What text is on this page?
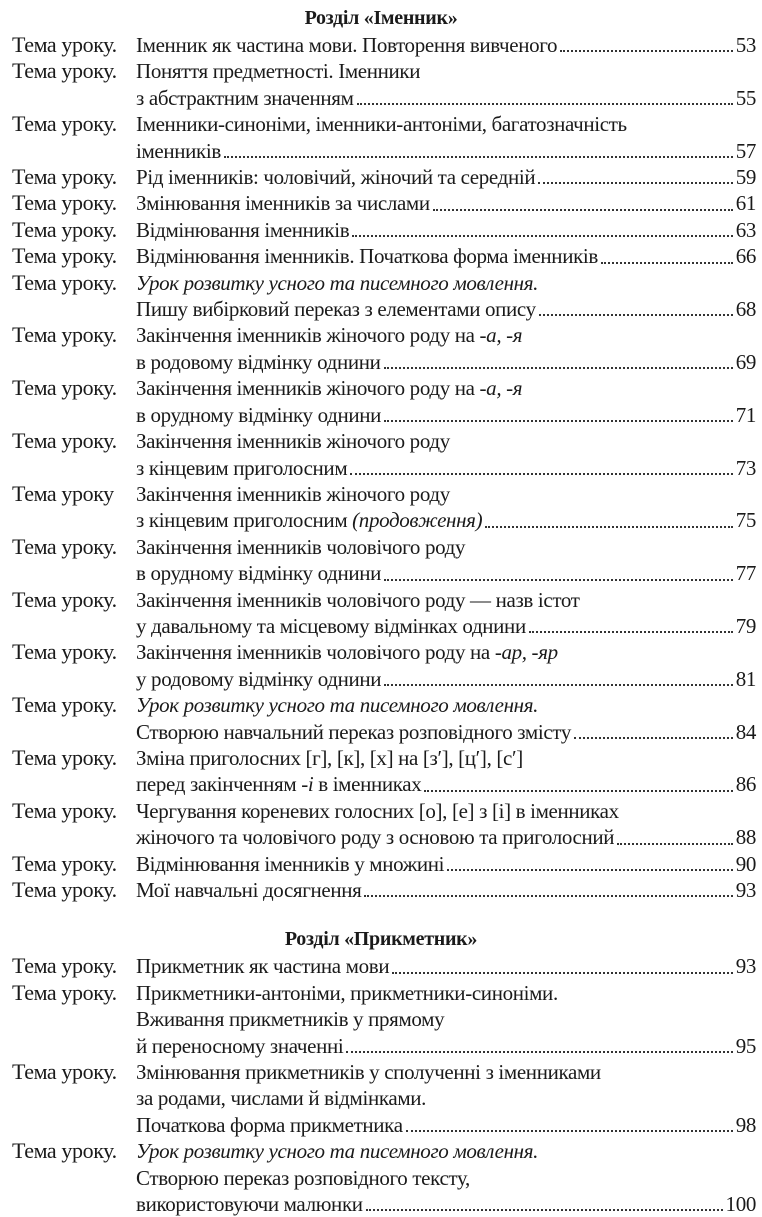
Розділ «Іменник»
Тема уроку. Іменник як частина мови. Повторення вивченого	53
Тема уроку. Поняття предметності. Іменники
з абстрактним значенням	55
Тема уроку. Іменники-синоніми, іменники-антоніми, багатозначність
іменників	57
Тема уроку. Рід іменників: чоловічий, жіночий та середній	59
Тема уроку. Змінювання іменників за числами	61
Тема уроку. Відмінювання іменників	63
Тема уроку. Відмінювання іменників. Початкова форма іменників	66
Тема уроку. Урок розвитку усного та писемного мовлення.
Пишу вибірковий переказ з елементами опису	68
Тема уроку. Закінчення іменників жіночого роду на -а, -я
в родовому відмінку однини	69
Тема уроку. Закінчення іменників жіночого роду на -а, -я
в орудному відмінку однини	71
Тема уроку. Закінчення іменників жіночого роду
з кінцевим приголосним	73
Тема уроку	Закінчення іменників жіночого роду
з кінцевим приголосним (продовження)	75
Тема уроку. Закінчення іменників чоловічого роду
в орудному відмінку однини	77
Тема уроку. Закінчення іменників чоловічого роду — назв істот
у давальному та місцевому відмінках однини	79
Тема уроку. Закінчення іменників чоловічого роду на -ар, -яр
у родовому відмінку однини	81
Тема уроку. Урок розвитку усного та писемного мовлення.
Створюю навчальний переказ розповідного змісту	84
Тема уроку. Зміна приголосних [г], [к], [х] на [з′], [ц′], [с′]
перед закінченням -і в іменниках	86
Тема уроку. Чергування кореневих голосних [о], [е] з [і] в іменниках
жіночого та чоловічого роду з основою та приголосний	88
Тема уроку. Відмінювання іменників у множині	90
Тема уроку. Мої навчальні досягнення	93
Розділ «Прикметник»
Тема уроку. Прикметник як частина мови	93
Тема уроку. Прикметники-антоніми, прикметники-синоніми.
Вживання прикметників у прямому
й переносному значенні	95
Тема уроку. Змінювання прикметників у сполученні з іменниками
за родами, числами й відмінками.
Початкова форма прикметника	98
Тема уроку. Урок розвитку усного та писемного мовлення.
Створюю переказ розповідного тексту,
використовуючи малюнки	100
